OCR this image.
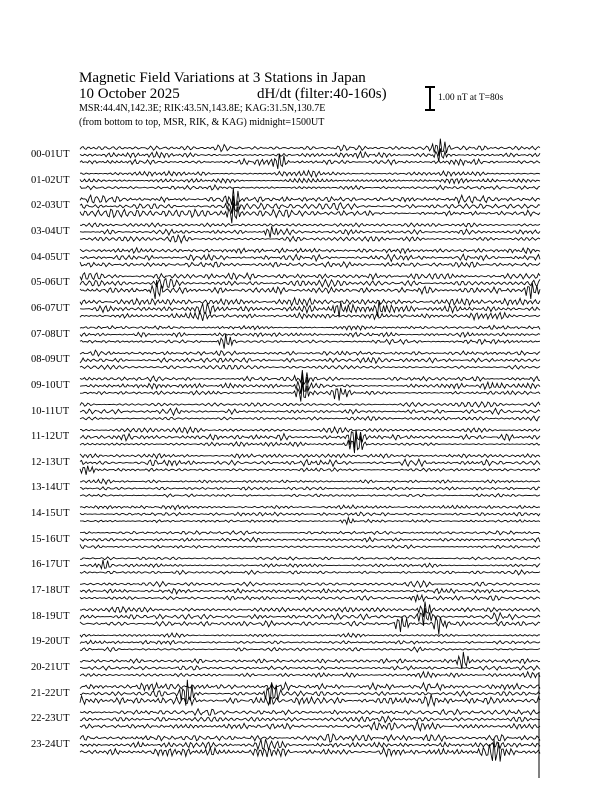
Magnetic Field Variations at 3 Stations in Japan
10 October 2025	dH/dt (filter:40-160s)
MSR:44.4N,142.3E; RIK:43.5N,143.8E; KAG:31.5N,130.7E
(from bottom to top, MSR, RIK, & KAG) midnight=1500UT
1.00 nT at T=80s
00-01UT
01-02UT
02-03UT
03-04UT
04-05UT
05-06UT
06-07UT
07-08UT
08-09UT
09-10UT
10-11UT
11-12UT
12-13UT
13-14UT
14-15UT
15-16UT
16-17UT
17-18UT
18-19UT
19-20UT
20-21UT
21-22UT
22-23UT
23-24UT
